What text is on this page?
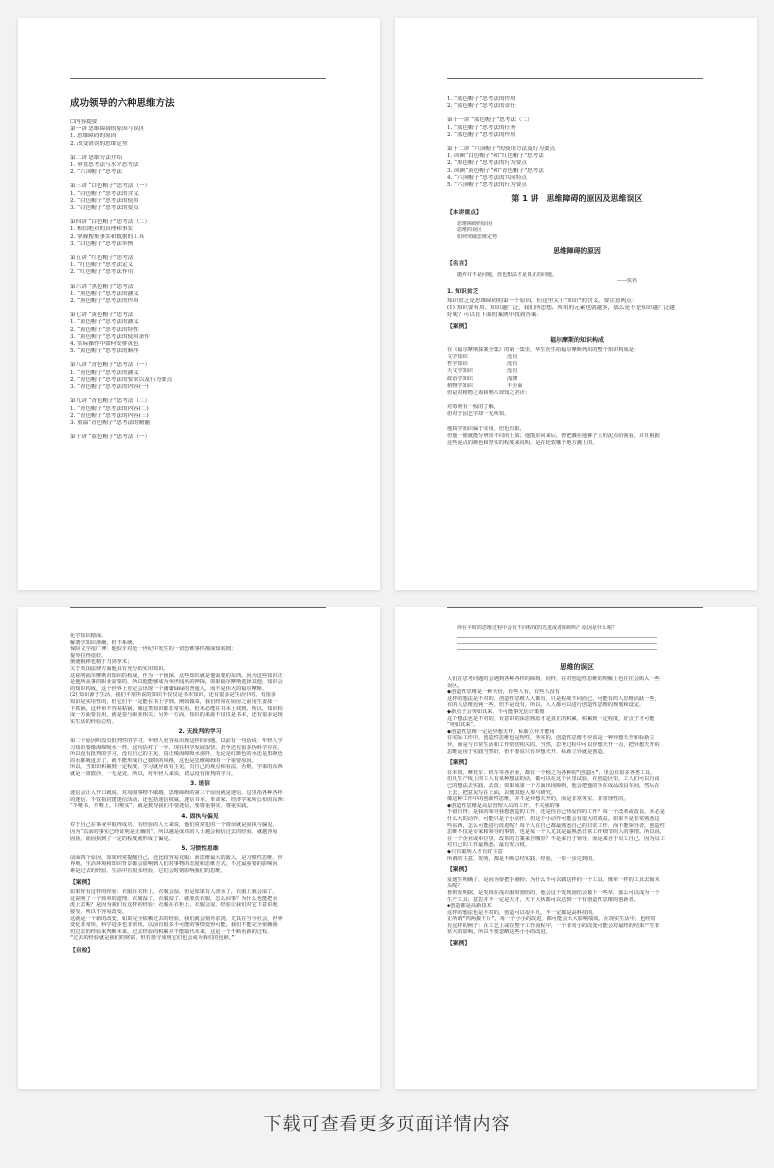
成功领导的六种思维方法
☐内容提要
第一讲 思维障碍的原因与误区
1. 思维障碍的原因
2. 改变错误的思维定势
第二讲 思维方法介绍
1. 垂直思考法与水平思考法
2. “六顶帽子”思考法
第三讲 “白色帽子”思考法（一）
1. “白色帽子”思考法的含义
2. “白色帽子”思考法的使用
3. “白色帽子”思考法的要点
第四讲 “白色帽子”思考法（二）
1. 相信绝对的真理和事实
2. 掌握搜集事实和数据的工具
3. “白色帽子”思考法举例
第五讲 “红色帽子”思考法
1. “红色帽子”思考法定义
2. “红色帽子”思考法作用
第六讲 “黑色帽子”思考法
1. “黑色帽子”思考法的涵义
2. “黑色帽子”思考法的作用
第七讲 “黄色帽子”思考法
1. “黄色帽子”思考法的涵义
2. “黄色帽子”思考法的特性
3. “黄色帽子”思考法的使用条件
4. 实际操作中如何安排黄色
5. “黄色帽子”思考法的顺序
第八讲 “青色帽子”思考法（一）
1. “青色帽子”思考法的涵义
2. “青色帽子”思考法的要求以及行为要点
3. “青色帽子”思考法的内容(一)
第九讲 “青色帽子”思考法（二）
1. “青色帽子”思考法的内容(二)
2. “青色帽子”思考法的内容(三)
3. 重温“青色帽子”思考法的精髓
第十讲 “蓝色帽子”思考法（一）
1. “蓝色帽子”思考法的作用
2. “蓝色帽子”思考法的责任
第十一讲 “蓝色帽子”思考法（二）
1. “蓝色帽子”思考法的任务
2. “蓝色帽子”思考法的作用
第十二讲 “六顶帽子”的使用方法及行为要点
1. 回顾“白色帽子”和“红色帽子”思考法
2. “黑色帽子”思考法的行为要点
3. 回顾“黄色帽子”和“青色帽子”思考法
4. “六顶帽子”思考法的共同特点
5. “六顶帽子”思考法的行为要点
第 1 讲　思维障碍的原因及思维误区
【本讲重点】
思维障碍的原因
思维的误区
如何突破思维定势
思维障碍的原因
【名言】
抛弃并不是问题，放也想法才是真正的问题。
——佚名
1. 知识贫乏
知识贫乏是思维障碍的第一个原因，但这里关于“知识”的含义，要注意两点：
(1) 知识要有用。知识越广泛，我们所思想、所用的元素也就越多，那么是不是知识越广泛越
好呢？可以在下面的案例中找到答案：
【案例】
福尔摩斯的知识构成
在《福尔摩斯探案全集》的第一集里，华生医生给福尔摩斯列出的整个知识构成是：
文学知识	没有
哲学知识	没有
天文学知识	没有
政治学知识	浅薄
植物学知识	不全面
但是对植物之毒和鸦片却知之甚详；
对毒剂有一般的了解，
但对于园艺学却一无所知。
地质学知识偏于实用，但也有限，
但他一眼就能分辨出不同的土质；他散步回来后，曾把溅在他裤子上的泥点给我看，并且根据
这些泥点的颜色和坚实的程度来说明，是在伦敦哪个地方溅上的。
化学知识精深。
解剖学知识准确，但不系统。
惊险文学很广博：他似乎对近一世纪中发生的一切恐怖事件都深知底细；
提琴拉得很好。
擅使棍棒也精于刀剑拳术；
关于英国法律方面他具有充分的实用知识。
这说明福尔摩斯对知识的构成，作为一个侦探，这些知识就是他需要的东西。因为这些知识正
是他所从事的职业需要的，所以他能够成为举世闻名的神探。如果福尔摩斯选择其他，知识会
的知识构成，这个世界上肯定会出现一个庸庸碌碌的普通人，而不是伟大的福尔摩斯。
(2) 知识源于生活，我们平常所说的知识不仅仅是书本知识，还有很多是生活中的。有很多
知识是实用性的，但它们不一定能在书上学到。例如做菜，我们经常在厨房之前用生姜抹一
下铁锅，这样鱼不容易粘锅。像这类知识都非常实用，但未必能在书本上找到。所以，知识构
成一方面要有用，就是要与职业相关；另外一方面，知识的来源不仅仅是书本，还有很多是现
实生活的经验总结。
2. 无批判的学习
第二个原因叫没有批判性的学习。年轻人更容易出现这样的问题，以前有一句话说：年轻人学
习知识要像海绵吸水一样，这句话对了一半，现在科学发展很快，甚至还有很多伪科学存在。
所以没有批判的学习，没有自己的主见，真正像海绵吸水那样，无论是红颜色的水还是黑颜色
的水都吸进去了，就不能形成自己独特的风格，这也是思维障碍的一个重要原因。
所以，当知识积累到一定程度，学习就应该有主见，有自己的观点和看法，否则，学来的东西
就是一盘散沙，一无是处，所以，对年轻人来说，切忌没有批判的学习。
3. 迷信
迷信会让人开口就说，对周围事物不敏感。思维障碍的第三个原因就是迷信。这里指各种各样
的迷信，不仅指封建迷信活动，还包括迷信权威、迷信书本、革命家、经济学家所公布的东西：
“不唯书，不唯上，只唯实”，就是教导我们不要迷信，要尊重事实、尊重实践。
4. 固执与偏见
对于自己在事业中取得成功，有经验的人士来说，他们常常犯的一个错误就是固执与偏见。
因为“以前的事实已经证明是正确的”，所以越是成功的人士越会相信过去的经验，就越容易
固执，而固执到了一定的程度就形成了偏见。
5. 习惯性思维
前面四个原因，如果经常提醒自己，还比较容易克服；而思维最大的敌人，是习惯性思维，世
界观、生活环境和知识背景都会影响到人们对事物的态度和思维方式，不过最重要的影响因
素是过去的经验。生活中有很多经验，它们会时刻影响我们的思维。
【案例】
如果你有这样的经验：衣服在衣柜上，衣服会湿，但是如果有人浇水了，衣服上就会湿了，
这说明了一个简单的道理，衣服湿了，衣服湿了，就要洗衣服，怎么回事？为什么也能把水
泼上去呢？是因为我们有这样的经验：衣服在衣柜上，衣服会湿，经验让我们对它下意识地
接受，所以不容易改变。
这就是一个新的改变，如果完全依赖过去的经验，我们就会刻舟求剑。尤其在当今社会，世界
变化非常快，科学进步也非常快，以前有很多不可能的事情变得可能。我们不能完全依赖我
们过去的经验来判断未来。过去经验的积累并不能取代未来，这是一个不断更新的过程，
“过去的经验就是我们的财富，但若墨守成规它们也会成为我们的包袱。”
【自检】
你在平时的思维过程中会有不同程度的先进或者阻碍吗？原因是什么呢？
思维的误区
人们在思考问题时会遇到各种各样的障碍，同样，在对创造性思维的理解上也往往会陷入一些
误区。
◆创造性思维是一种天份，有些人有，有些人没有
这样的想法是不对的，创造性思维人人都有，只是程度不同而已，可能有的人思维活跃一些，
有的人思维迟钝一些，但不是没有。所以，人人都可以进行创造性思维的规划和设定。
◆新点子会突如其来，不可能事先估计策划
这个想法也是不对的，有意识的深思熟虑才是真正的积累，积累到一定程度，好点子才可能
“突如其来”。
◆创造性思维一定是异想天开，标新立异才能用
在实际工作中，创造性思维也是理性，务实的，创造性思维不应该是一种异想天开和标新立
异，而是与日常生活和工作密切相关的。当然，思考过程中可以异想天开一点，把异想天开的
思维运用于实践当然好，但不要说只有异想天开、标新立异就是创造。
【案例】
在本田，摩托车、机车等各企业，都有一个称之为各种的“创造区”，里边有很多各类工具，
但凡生产线上的工人有某种想法的话，都可以在这个区里试验，在创造区里，工人们可以自由
已的想法去实践，去改；如果成果一个方面出现障碍，他会把他的手在成品改良车间，然后在
上去，把意见写在上面，以便其他人参与研究。
像这种工作中的创新性思维，并不是异想天开的，而是非常务实、非常理性的。
◆创造性思维是高层管理人员的工作，不关我的事
不错自得；是我的领导我想创造的工作，还是你自己热爱你的工作？每一个改革或改良，未必是
什么大的动作，可能只是个小动作，但这个小动作可能会有很大的效益。如果不是非常熟悉这
些东西，怎么可能进行改进呢？每个人在自己都最熟悉自己的日常工作，而不能领导者。创造性
思维不仅是专家和领导的事情，也是每一个人尤其是最熟悉日常工作细节的人的事情。所以说，
在一个企业或单位里，改革的方案来自哪里？不是来自于领导，而是来自于员工自己，因为员工
对自己的工作最熟悉，最有发言权。
◆只有聪明人才有好主意
所谓的主意，发明，都是不断总结实践，经验，一步一步达到的。
【案例】
爱迪生明确了，是因为要把手剃掉；为什么不可以做这样的一个工具，像单一样的工具去锯木
头呢？
鲁班发明锯，是发现在浅衣服时割伤的，他会这个发现刮伤会拨下一些草，那么可以成为一个
生产工具；意思并不一定是天才，天下大伙都可以达到一个有创造性思维的创新者。
◆创造都是高新技术
这样的想法也是不对的，创造可以很平凡，不一定都是高科技的。
正所谓“四两拨千斤”，每一个小小的改进，都可能会大大影响绩效。在现实生活中，也经常
有这样的例子：在工艺上或在整个工作流程中，一个非常小的改变可能会对最终的结果产生非
常大的影响。所以不要忽略这些小小的改进。
【案例】
下载可查看更多页面详情内容
